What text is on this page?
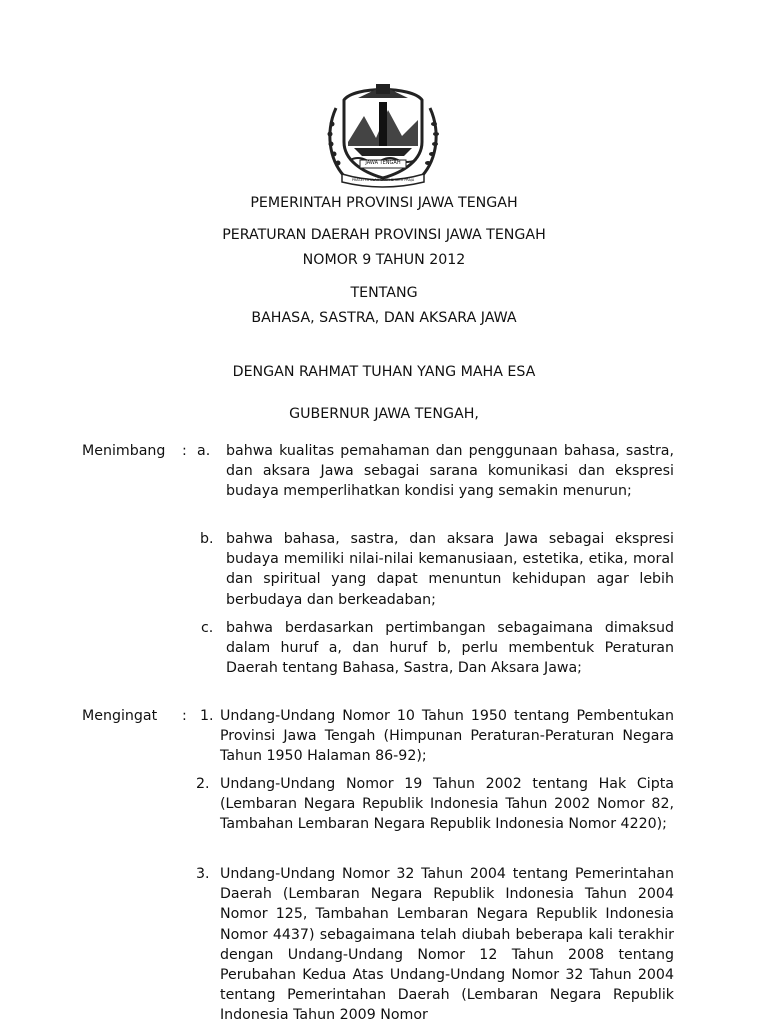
JAWA TENGAH
PRASETYA ULAH SAKTI BHAKTI PRAJA
PEMERINTAH PROVINSI JAWA TENGAH
PERATURAN DAERAH PROVINSI JAWA TENGAH
NOMOR 9 TAHUN 2012
TENTANG
BAHASA, SASTRA, DAN AKSARA JAWA
DENGAN RAHMAT TUHAN YANG MAHA ESA
GUBERNUR JAWA TENGAH,
Menimbang : a. bahwa kualitas pemahaman dan penggunaan bahasa, sastra, dan aksara Jawa sebagai sarana komunikasi dan ekspresi budaya memperlihatkan kondisi yang semakin menurun;
b. bahwa bahasa, sastra, dan aksara Jawa sebagai ekspresi budaya memiliki nilai-nilai kemanusiaan, estetika, etika, moral dan spiritual yang dapat menuntun kehidupan agar lebih berbudaya dan berkeadaban;
c. bahwa berdasarkan pertimbangan sebagaimana dimaksud dalam huruf a, dan huruf b, perlu membentuk Peraturan Daerah tentang Bahasa, Sastra, Dan Aksara Jawa;
Mengingat : 1. Undang-Undang Nomor 10 Tahun 1950 tentang Pembentukan Provinsi Jawa Tengah (Himpunan Peraturan-Peraturan Negara Tahun 1950 Halaman 86-92);
2. Undang-Undang Nomor 19 Tahun 2002 tentang Hak Cipta (Lembaran Negara Republik Indonesia Tahun 2002 Nomor 82, Tambahan Lembaran Negara Republik Indonesia Nomor 4220);
3. Undang-Undang Nomor 32 Tahun 2004 tentang Pemerintahan Daerah (Lembaran Negara Republik Indonesia Tahun 2004 Nomor 125, Tambahan Lembaran Negara Republik Indonesia Nomor 4437) sebagaimana telah diubah beberapa kali terakhir dengan Undang-Undang Nomor 12 Tahun 2008 tentang Perubahan Kedua Atas Undang-Undang Nomor 32 Tahun 2004 tentang Pemerintahan Daerah (Lembaran Negara Republik Indonesia Tahun 2009 Nomor
